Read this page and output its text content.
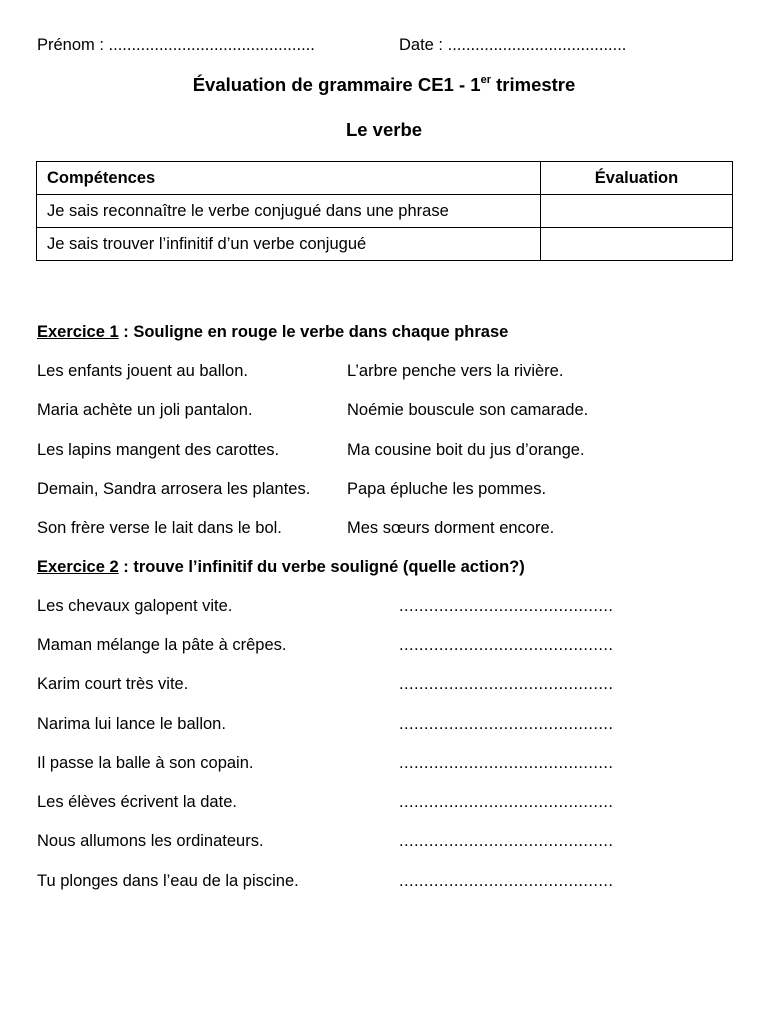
Prénom : .............................................	Date : .......................................
Évaluation de grammaire CE1 - 1er trimestre
Le verbe
Compétences	Évaluation
Je sais reconnaître le verbe conjugué dans une phrase	
Je sais trouver l’infinitif d’un verbe conjugué	
Exercice 1 : Souligne en rouge le verbe dans chaque phrase
Les enfants jouent au ballon.	L’arbre penche vers la rivière.
Maria achète un joli pantalon.	Noémie bouscule son camarade.
Les lapins mangent des carottes.	Ma cousine boit du jus d’orange.
Demain, Sandra arrosera les plantes. Papa épluche les pommes.
Son frère verse le lait dans le bol.	Mes sœurs dorment encore.
Exercice 2 : trouve l’infinitif du verbe souligné (quelle action?)
Les chevaux galopent vite.	...........................................
Maman mélange la pâte à crêpes.	...........................................
Karim court très vite.	...........................................
Narima lui lance le ballon.	...........................................
Il passe la balle à son copain.	...........................................
Les élèves écrivent la date.	...........................................
Nous allumons les ordinateurs.	...........................................
Tu plonges dans l’eau de la piscine.	...........................................
